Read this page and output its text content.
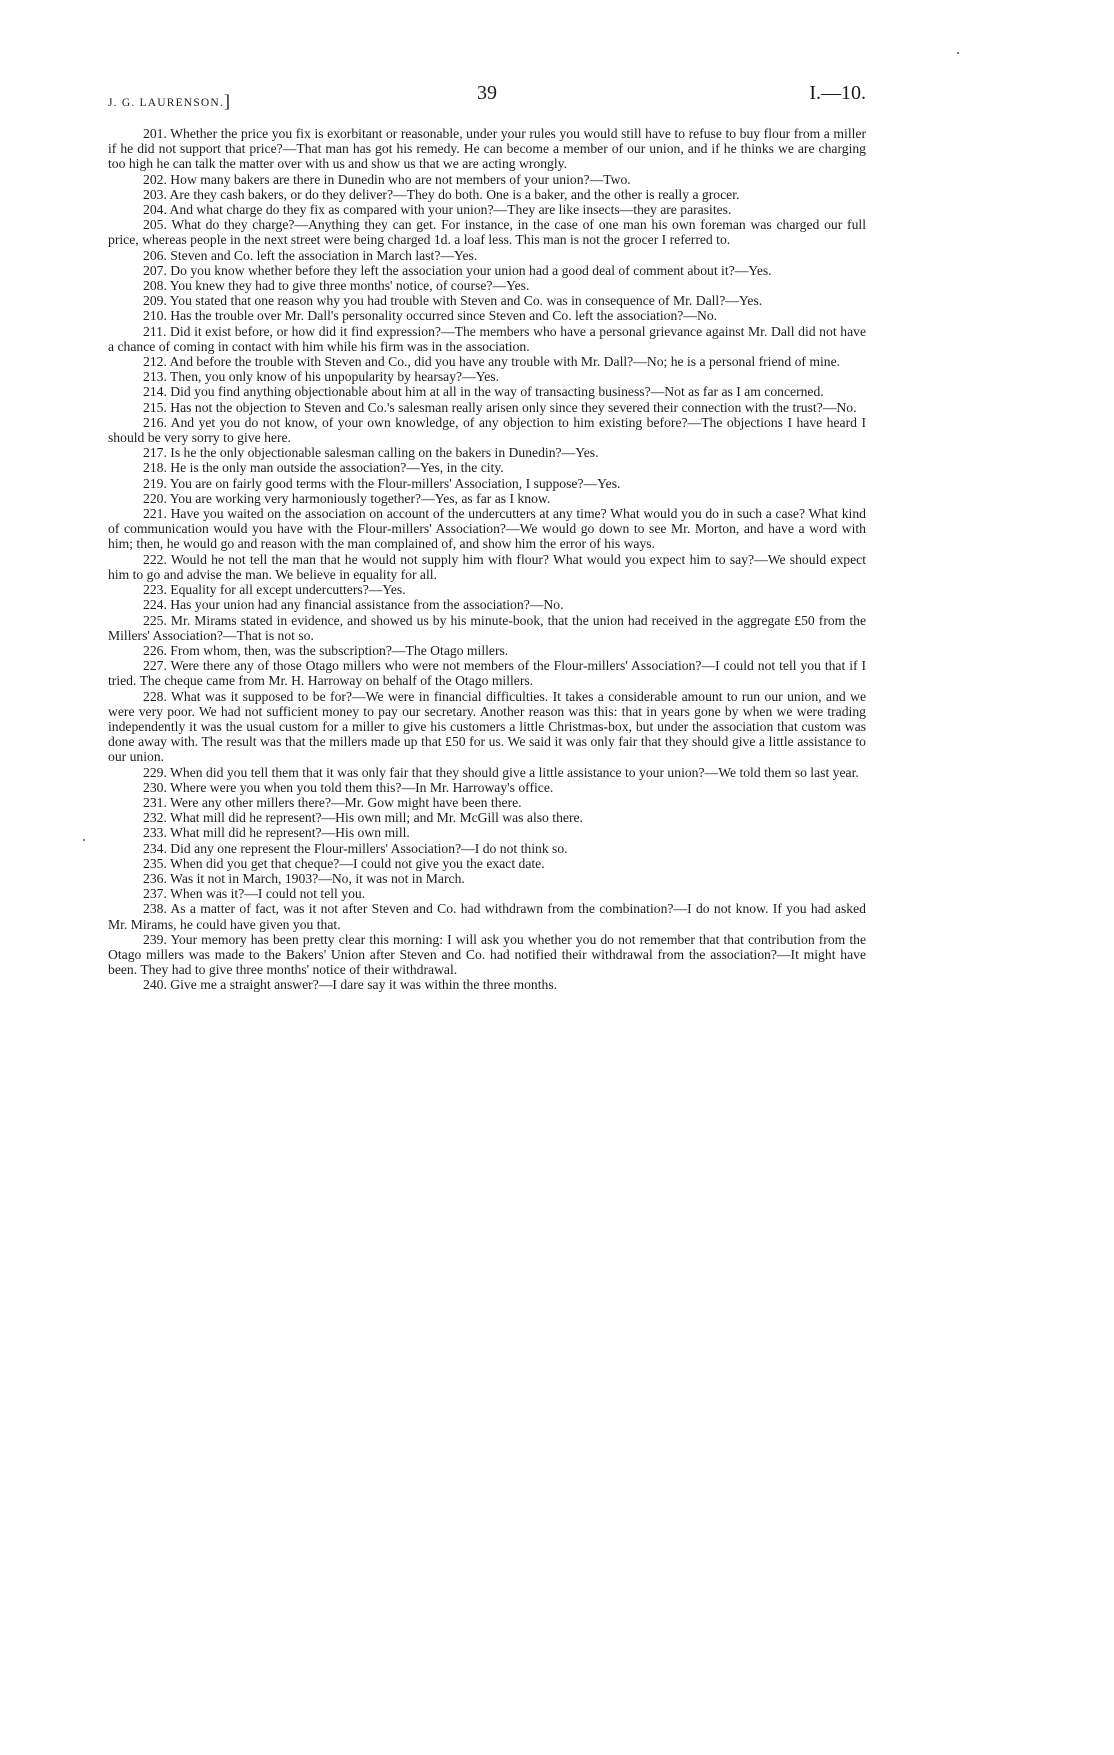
J. G. LAURENSON.]	39	I.—10.

201. Whether the price you fix is exorbitant or reasonable, under your rules you would still have to refuse to buy flour from a miller if he did not support that price?—That man has got his remedy. He can become a member of our union, and if he thinks we are charging too high he can talk the matter over with us and show us that we are acting wrongly.

202. How many bakers are there in Dunedin who are not members of your union?—Two.

203. Are they cash bakers, or do they deliver?—They do both. One is a baker, and the other is really a grocer.

204. And what charge do they fix as compared with your union?—They are like insects—they are parasites.

205. What do they charge?—Anything they can get. For instance, in the case of one man his own foreman was charged our full price, whereas people in the next street were being charged 1d. a loaf less. This man is not the grocer I referred to.

206. Steven and Co. left the association in March last?—Yes.

207. Do you know whether before they left the association your union had a good deal of comment about it?—Yes.

208. You knew they had to give three months' notice, of course?—Yes.

209. You stated that one reason why you had trouble with Steven and Co. was in consequence of Mr. Dall?—Yes.

210. Has the trouble over Mr. Dall's personality occurred since Steven and Co. left the association?—No.

211. Did it exist before, or how did it find expression?—The members who have a personal grievance against Mr. Dall did not have a chance of coming in contact with him while his firm was in the association.

212. And before the trouble with Steven and Co., did you have any trouble with Mr. Dall?—No; he is a personal friend of mine.

213. Then, you only know of his unpopularity by hearsay?—Yes.

214. Did you find anything objectionable about him at all in the way of transacting business?—Not as far as I am concerned.

215. Has not the objection to Steven and Co.'s salesman really arisen only since they severed their connection with the trust?—No.

216. And yet you do not know, of your own knowledge, of any objection to him existing before?—The objections I have heard I should be very sorry to give here.

217. Is he the only objectionable salesman calling on the bakers in Dunedin?—Yes.

218. He is the only man outside the association?—Yes, in the city.

219. You are on fairly good terms with the Flour-millers' Association, I suppose?—Yes.

220. You are working very harmoniously together?—Yes, as far as I know.

221. Have you waited on the association on account of the undercutters at any time? What would you do in such a case? What kind of communication would you have with the Flour-millers' Association?—We would go down to see Mr. Morton, and have a word with him; then, he would go and reason with the man complained of, and show him the error of his ways.

222. Would he not tell the man that he would not supply him with flour? What would you expect him to say?—We should expect him to go and advise the man. We believe in equality for all.

223. Equality for all except undercutters?—Yes.

224. Has your union had any financial assistance from the association?—No.

225. Mr. Mirams stated in evidence, and showed us by his minute-book, that the union had received in the aggregate £50 from the Millers' Association?—That is not so.

226. From whom, then, was the subscription?—The Otago millers.

227. Were there any of those Otago millers who were not members of the Flour-millers' Association?—I could not tell you that if I tried. The cheque came from Mr. H. Harroway on behalf of the Otago millers.

228. What was it supposed to be for?—We were in financial difficulties. It takes a considerable amount to run our union, and we were very poor. We had not sufficient money to pay our secretary. Another reason was this: that in years gone by when we were trading independently it was the usual custom for a miller to give his customers a little Christmas-box, but under the association that custom was done away with. The result was that the millers made up that £50 for us. We said it was only fair that they should give a little assistance to our union.

229. When did you tell them that it was only fair that they should give a little assistance to your union?—We told them so last year.

230. Where were you when you told them this?—In Mr. Harroway's office.

231. Were any other millers there?—Mr. Gow might have been there.

232. What mill did he represent?—His own mill; and Mr. McGill was also there.

233. What mill did he represent?—His own mill.

234. Did any one represent the Flour-millers' Association?—I do not think so.

235. When did you get that cheque?—I could not give you the exact date.

236. Was it not in March, 1903?—No, it was not in March.

237. When was it?—I could not tell you.

238. As a matter of fact, was it not after Steven and Co. had withdrawn from the combination?—I do not know. If you had asked Mr. Mirams, he could have given you that.

239. Your memory has been pretty clear this morning: I will ask you whether you do not remember that that contribution from the Otago millers was made to the Bakers' Union after Steven and Co. had notified their withdrawal from the association?—It might have been. They had to give three months' notice of their withdrawal.

240. Give me a straight answer?—I dare say it was within the three months.
